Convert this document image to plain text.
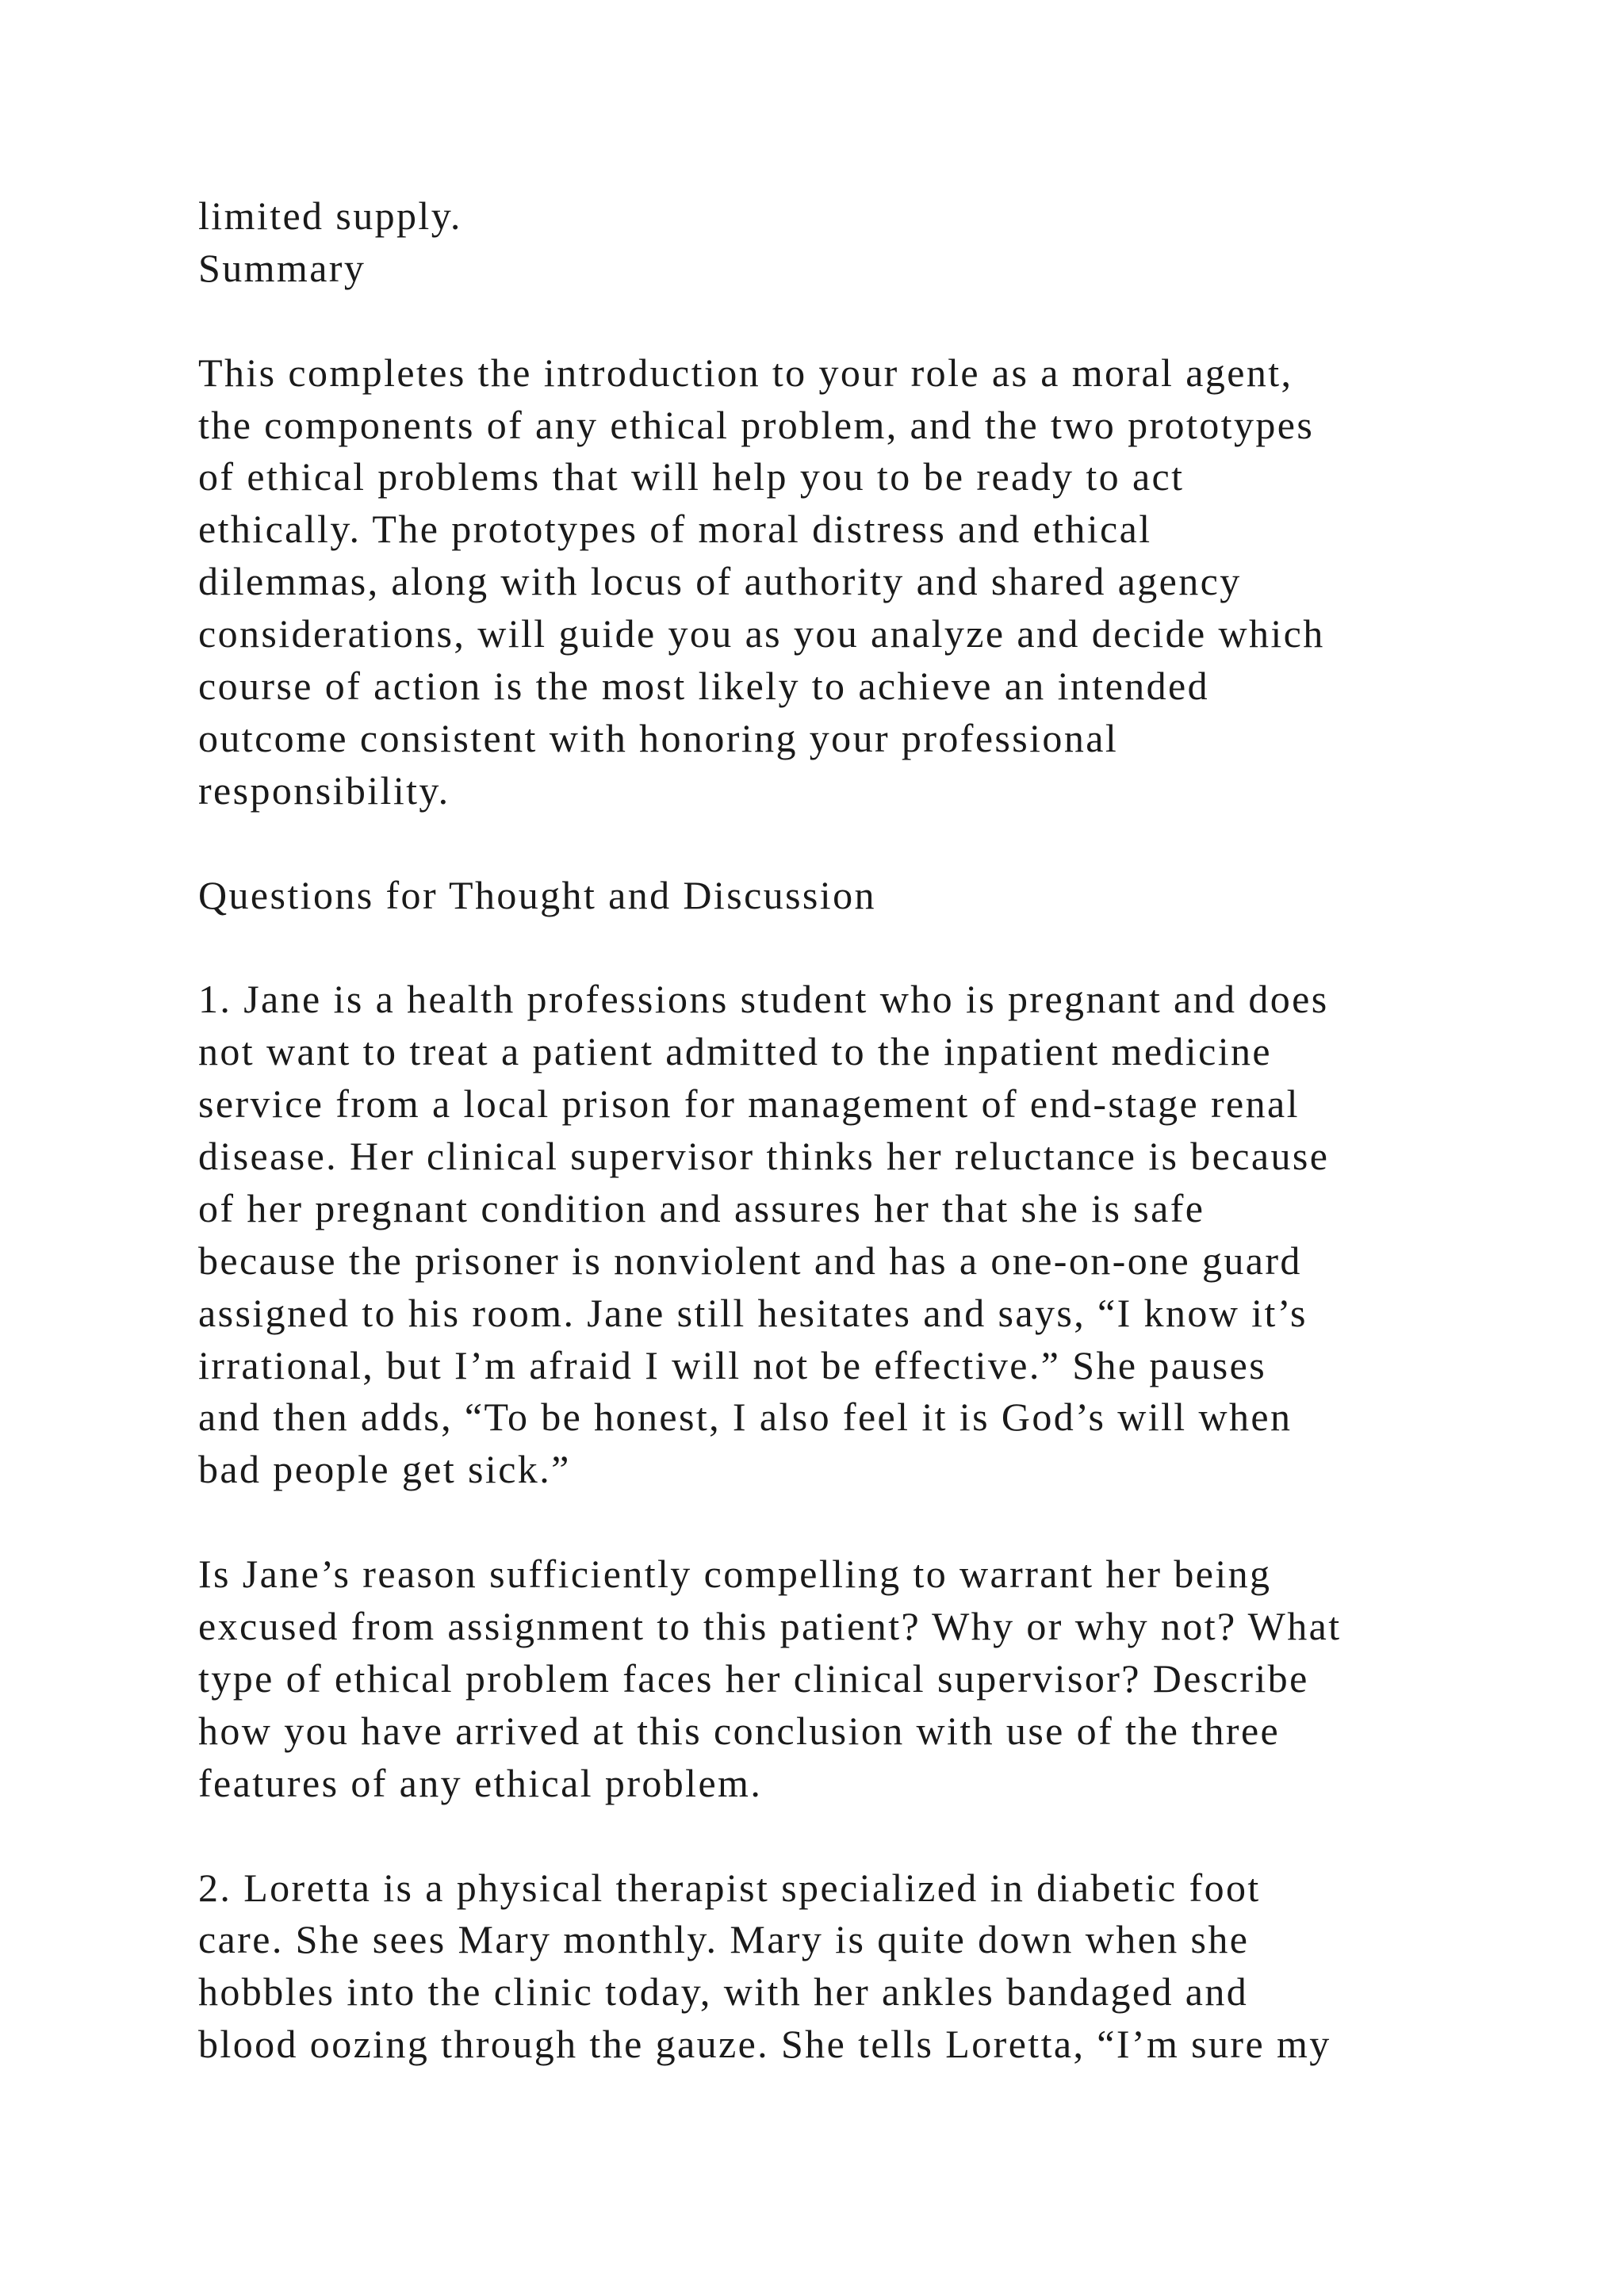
limited supply.
Summary
This completes the introduction to your role as a moral agent,
the components of any ethical problem, and the two prototypes
of ethical problems that will help you to be ready to act
ethically. The prototypes of moral distress and ethical
dilemmas, along with locus of authority and shared agency
considerations, will guide you as you analyze and decide which
course of action is the most likely to achieve an intended
outcome consistent with honoring your professional
responsibility.
Questions for Thought and Discussion
1. Jane is a health professions student who is pregnant and does
not want to treat a patient admitted to the inpatient medicine
service from a local prison for management of end-stage renal
disease. Her clinical supervisor thinks her reluctance is because
of her pregnant condition and assures her that she is safe
because the prisoner is nonviolent and has a one-on-one guard
assigned to his room. Jane still hesitates and says, “I know it’s
irrational, but I’m afraid I will not be effective.” She pauses
and then adds, “To be honest, I also feel it is God’s will when
bad people get sick.”
Is Jane’s reason sufficiently compelling to warrant her being
excused from assignment to this patient? Why or why not? What
type of ethical problem faces her clinical supervisor? Describe
how you have arrived at this conclusion with use of the three
features of any ethical problem.
2. Loretta is a physical therapist specialized in diabetic foot
care. She sees Mary monthly. Mary is quite down when she
hobbles into the clinic today, with her ankles bandaged and
blood oozing through the gauze. She tells Loretta, “I’m sure my
